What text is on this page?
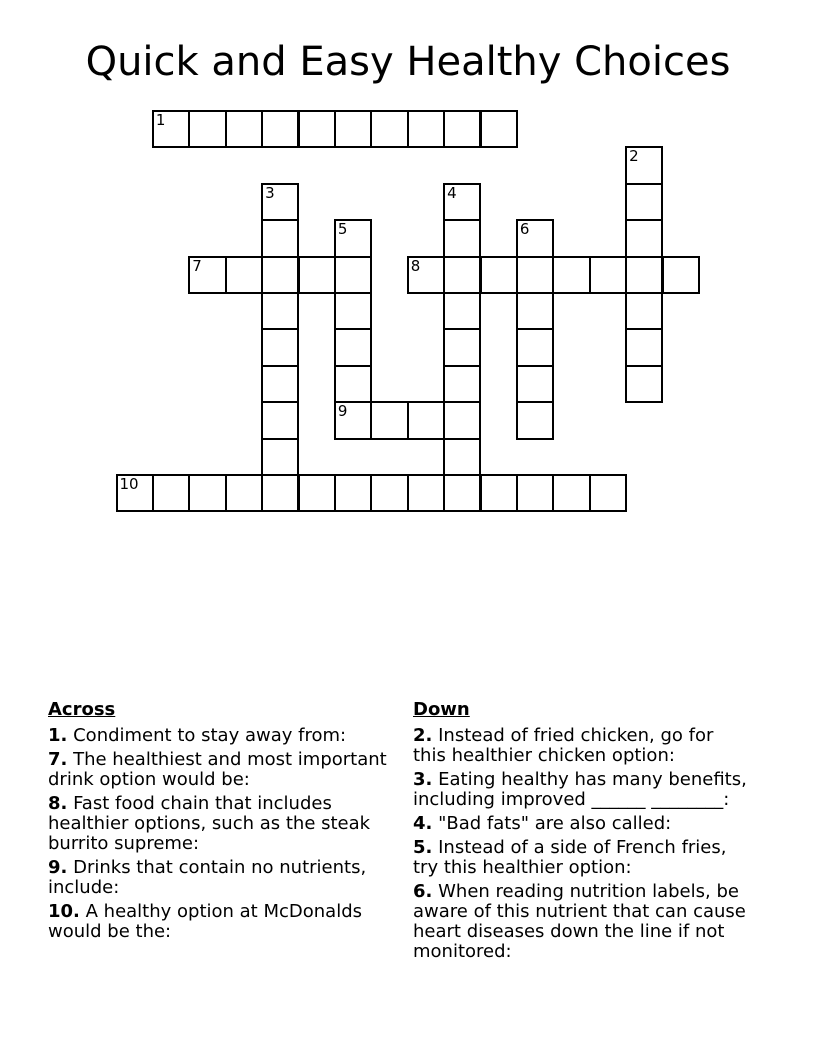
Quick and Easy Healthy Choices
1
2
3	4
5
9
6
7	8
10
Across

1. Condiment to stay away from:

7. The healthiest and most important
drink option would be:

8. Fast food chain that includes
healthier options, such as the steak
burrito supreme:

9. Drinks that contain no nutrients,
include:

10. A healthy option at McDonalds
would be the:

Down

2. Instead of fried chicken, go for
this healthier chicken option:

3. Eating healthy has many benefits,
including improved ______ ________:

4. "Bad fats" are also called:

5. Instead of a side of French fries,
try this healthier option:

6. When reading nutrition labels, be
aware of this nutrient that can cause
heart diseases down the line if not
monitored:
